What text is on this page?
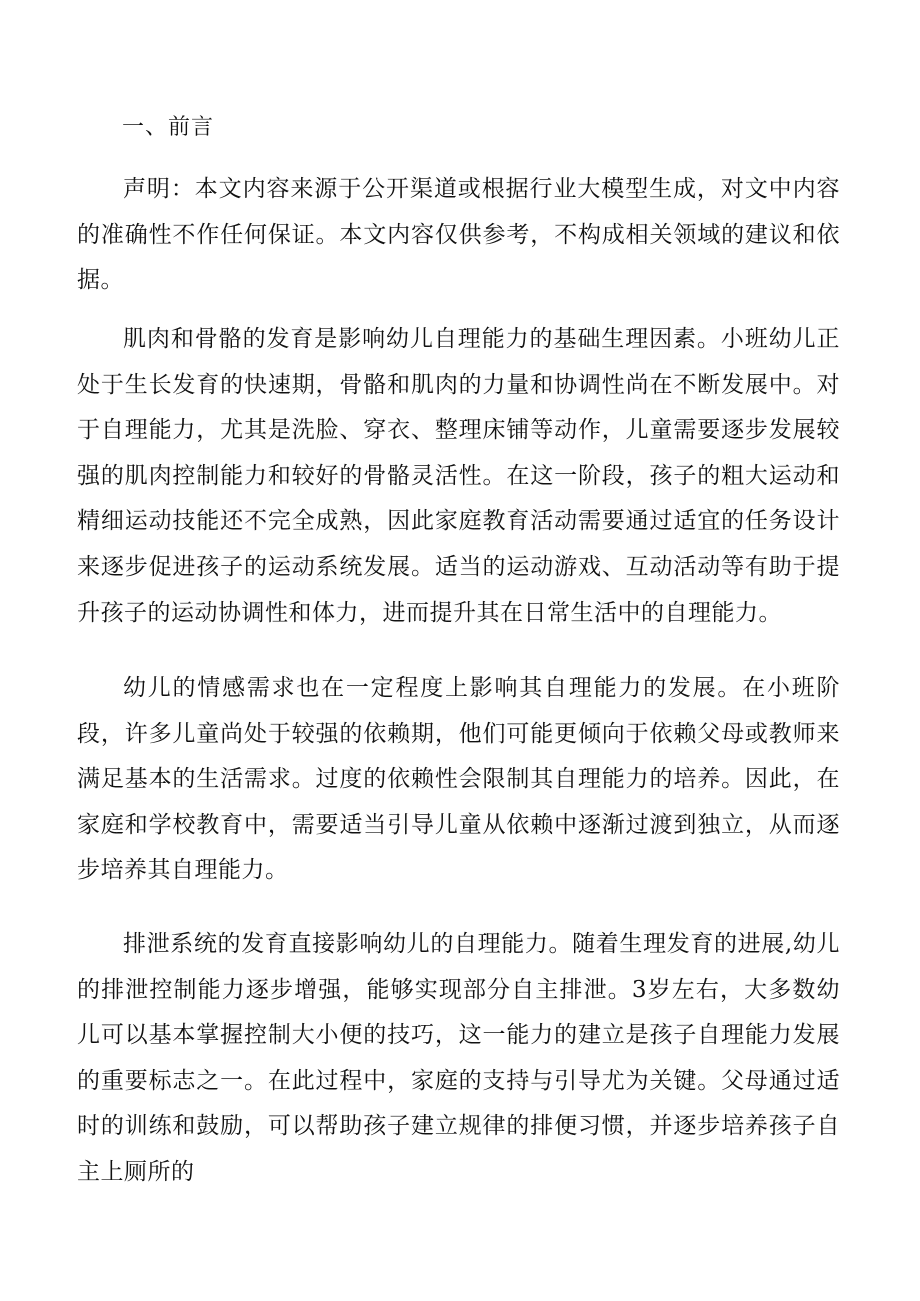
一、前言

声明：本文内容来源于公开渠道或根据行业大模型生成，对文中内容的准确性不作任何保证。本文内容仅供参考，不构成相关领域的建议和依据。

肌肉和骨骼的发育是影响幼儿自理能力的基础生理因素。小班幼儿正处于生长发育的快速期，骨骼和肌肉的力量和协调性尚在不断发展中。对于自理能力，尤其是洗脸、穿衣、整理床铺等动作，儿童需要逐步发展较强的肌肉控制能力和较好的骨骼灵活性。在这一阶段，孩子的粗大运动和精细运动技能还不完全成熟，因此家庭教育活动需要通过适宜的任务设计来逐步促进孩子的运动系统发展。适当的运动游戏、互动活动等有助于提升孩子的运动协调性和体力，进而提升其在日常生活中的自理能力。

幼儿的情感需求也在一定程度上影响其自理能力的发展。在小班阶段，许多儿童尚处于较强的依赖期，他们可能更倾向于依赖父母或教师来满足基本的生活需求。过度的依赖性会限制其自理能力的培养。因此，在家庭和学校教育中，需要适当引导儿童从依赖中逐渐过渡到独立，从而逐步培养其自理能力。

排泄系统的发育直接影响幼儿的自理能力。随着生理发育的进展,幼儿的排泄控制能力逐步增强，能够实现部分自主排泄。3岁左右，大多数幼儿可以基本掌握控制大小便的技巧，这一能力的建立是孩子自理能力发展的重要标志之一。在此过程中，家庭的支持与引导尤为关键。父母通过适时的训练和鼓励，可以帮助孩子建立规律的排便习惯，并逐步培养孩子自主上厕所的
